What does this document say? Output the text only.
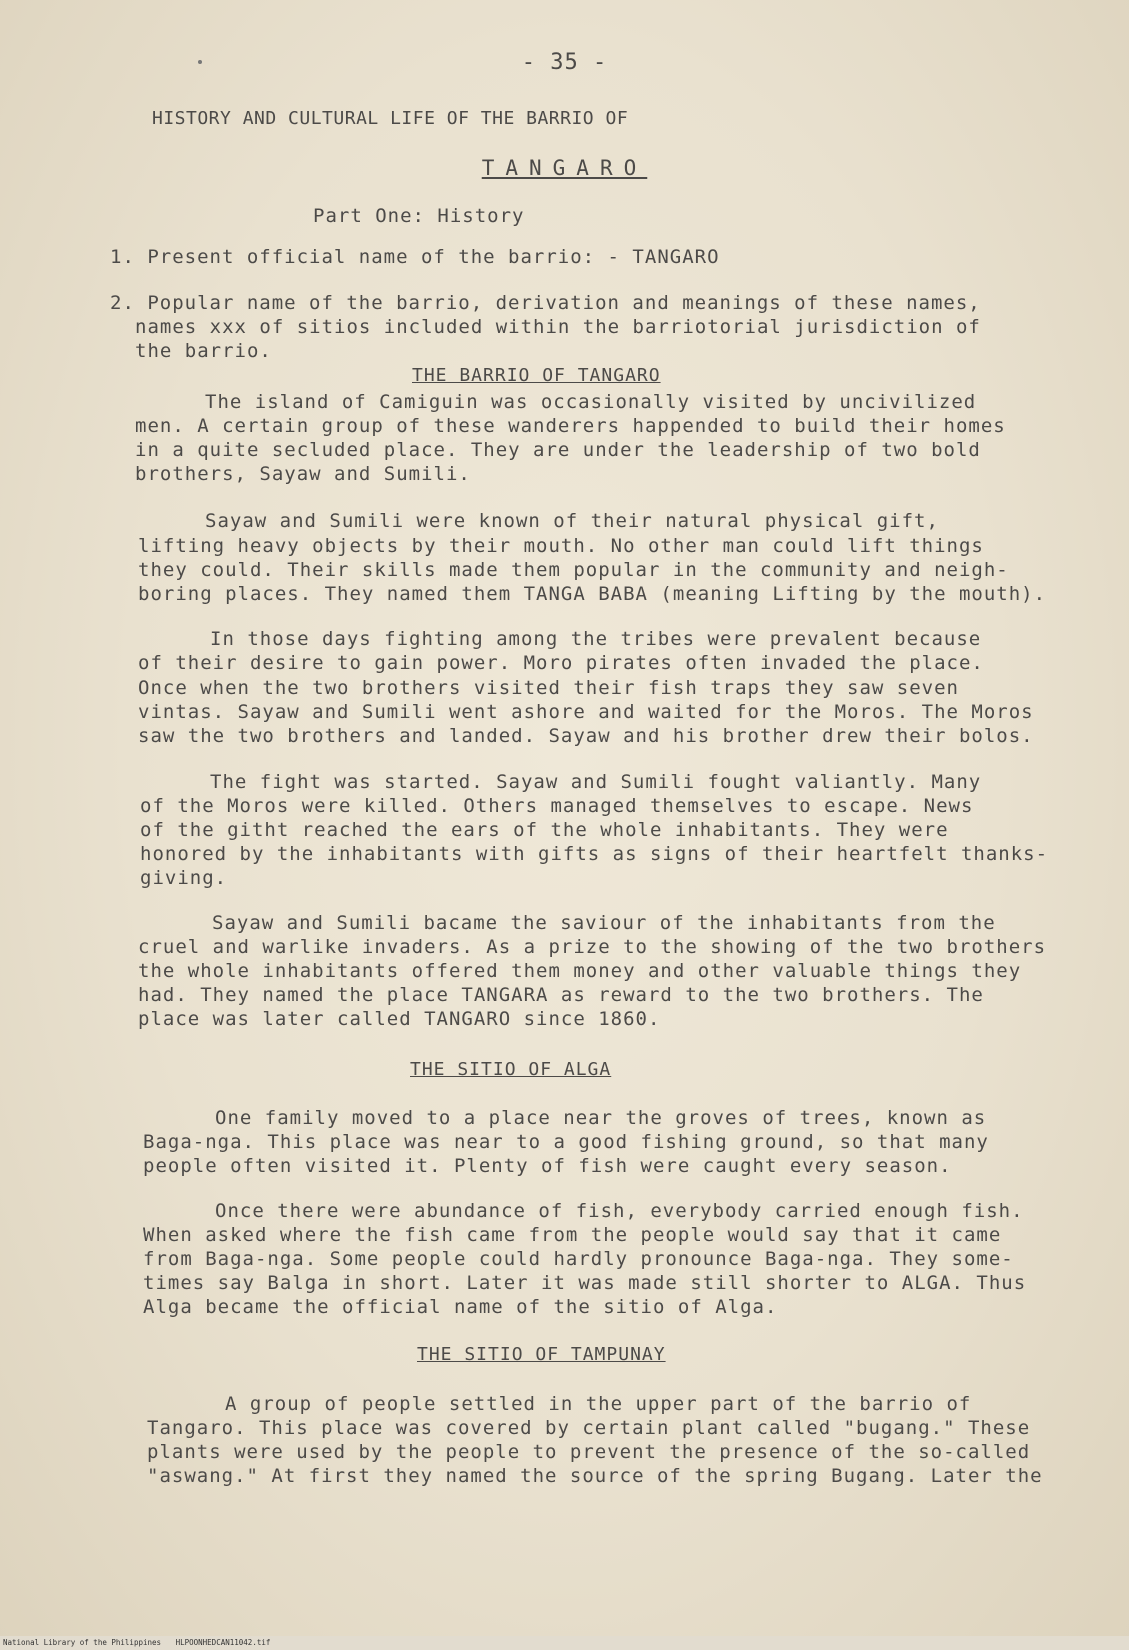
- 35 -
HISTORY AND CULTURAL LIFE OF THE BARRIO OF
TANGARO
Part One: History
1. Present official name of the barrio: - TANGARO
2. Popular name of the barrio, derivation and meanings of these names,
names xxx of sitios included within the barriotorial jurisdiction of
the barrio.
THE BARRIO OF TANGARO
The island of Camiguin was occasionally visited by uncivilized
men. A certain group of these wanderers happended to build their homes
in a quite secluded place. They are under the leadership of two bold
brothers, Sayaw and Sumili.
Sayaw and Sumili were known of their natural physical gift,
lifting heavy objects by their mouth. No other man could lift things
they could. Their skills made them popular in the community and neigh-
boring places. They named them TANGA BABA (meaning Lifting by the mouth).
In those days fighting among the tribes were prevalent because
of their desire to gain power. Moro pirates often invaded the place.
Once when the two brothers visited their fish traps they saw seven
vintas. Sayaw and Sumili went ashore and waited for the Moros. The Moros
saw the two brothers and landed. Sayaw and his brother drew their bolos.
The fight was started. Sayaw and Sumili fought valiantly. Many
of the Moros were killed. Others managed themselves to escape. News
of the githt reached the ears of the whole inhabitants. They were
honored by the inhabitants with gifts as signs of their heartfelt thanks-
giving.
Sayaw and Sumili bacame the saviour of the inhabitants from the
cruel and warlike invaders. As a prize to the showing of the two brothers
the whole inhabitants offered them money and other valuable things they
had. They named the place TANGARA as reward to the two brothers. The
place was later called TANGARO since 1860.
THE SITIO OF ALGA
One family moved to a place near the groves of trees, known as
Baga-nga. This place was near to a good fishing ground, so that many
people often visited it. Plenty of fish were caught every season.
Once there were abundance of fish, everybody carried enough fish.
When asked where the fish came from the people would say that it came
from Baga-nga. Some people could hardly pronounce Baga-nga. They some-
times say Balga in short. Later it was made still shorter to ALGA. Thus
Alga became the official name of the sitio of Alga.
THE SITIO OF TAMPUNAY
A group of people settled in the upper part of the barrio of
Tangaro. This place was covered by certain plant called "bugang." These
plants were used by the people to prevent the presence of the so-called
"aswang." At first they named the source of the spring Bugang. Later the
National Library of the Philippines HLPOONHEDCAN11042.tif
